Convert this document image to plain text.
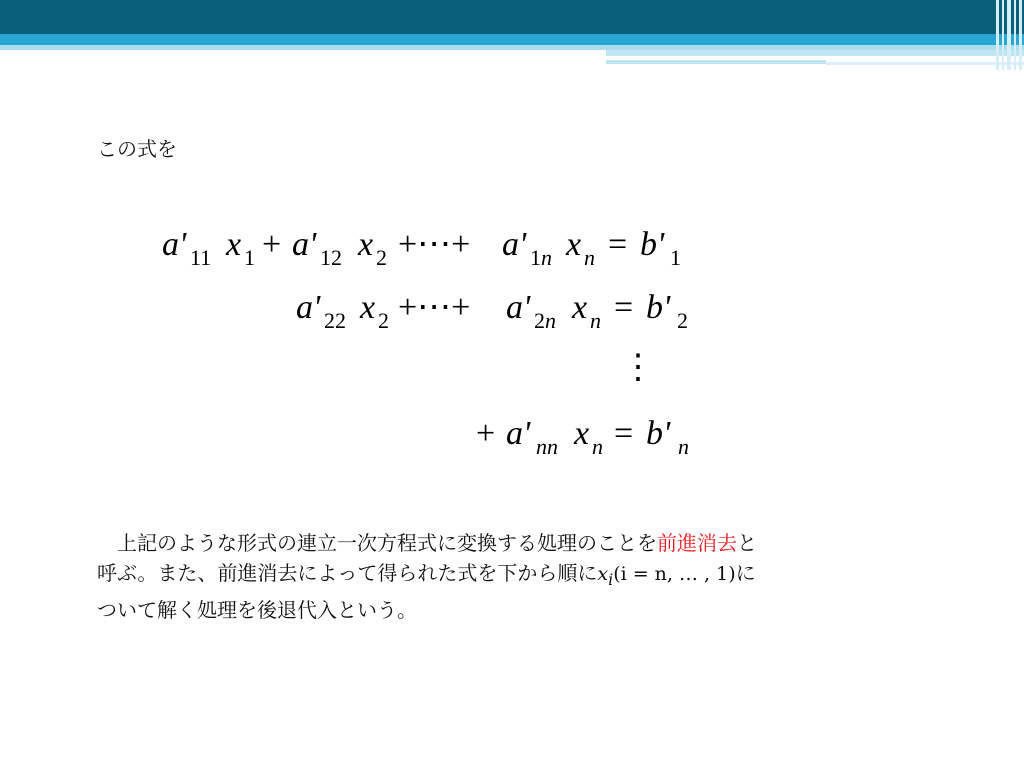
この式を
a' 11 x 1 + a' 12 x 2 +⋯+ a' 1 n x n = b' 1
a' 22 x 2 +⋯+ a' 2 n x n = b' 2
⋮
+ a' nn x n = b' n
　上記のような形式の連立一次方程式に変換する処理のことを前進消去と
呼ぶ。また、前進消去によって得られた式を下から順に$x_i(i = n$, … , 1)に
ついて解く処理を後退代入という。
